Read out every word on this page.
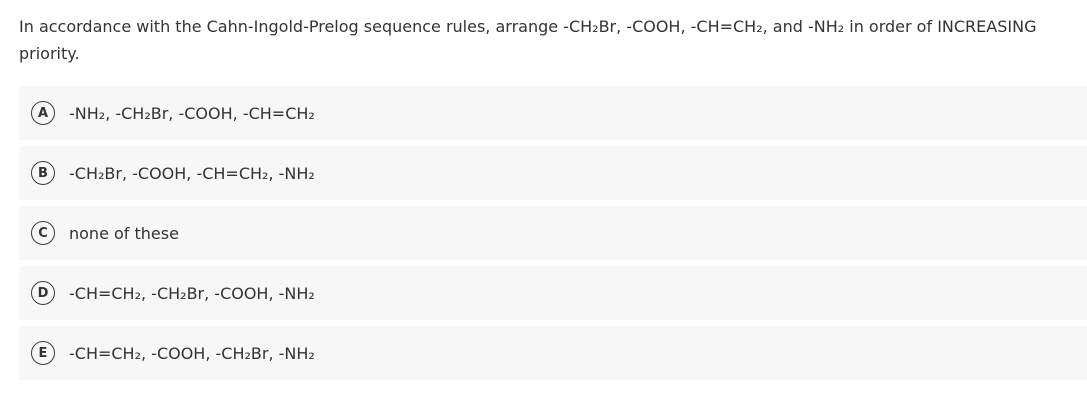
In accordance with the Cahn-Ingold-Prelog sequence rules, arrange -CH₂Br, -COOH, -CH=CH₂, and -NH₂ in order of INCREASING priority.
A	-NH₂, -CH₂Br, -COOH, -CH=CH₂
B	-CH₂Br, -COOH, -CH=CH₂, -NH₂
C	none of these
D	-CH=CH₂, -CH₂Br, -COOH, -NH₂
E	-CH=CH₂, -COOH, -CH₂Br, -NH₂
